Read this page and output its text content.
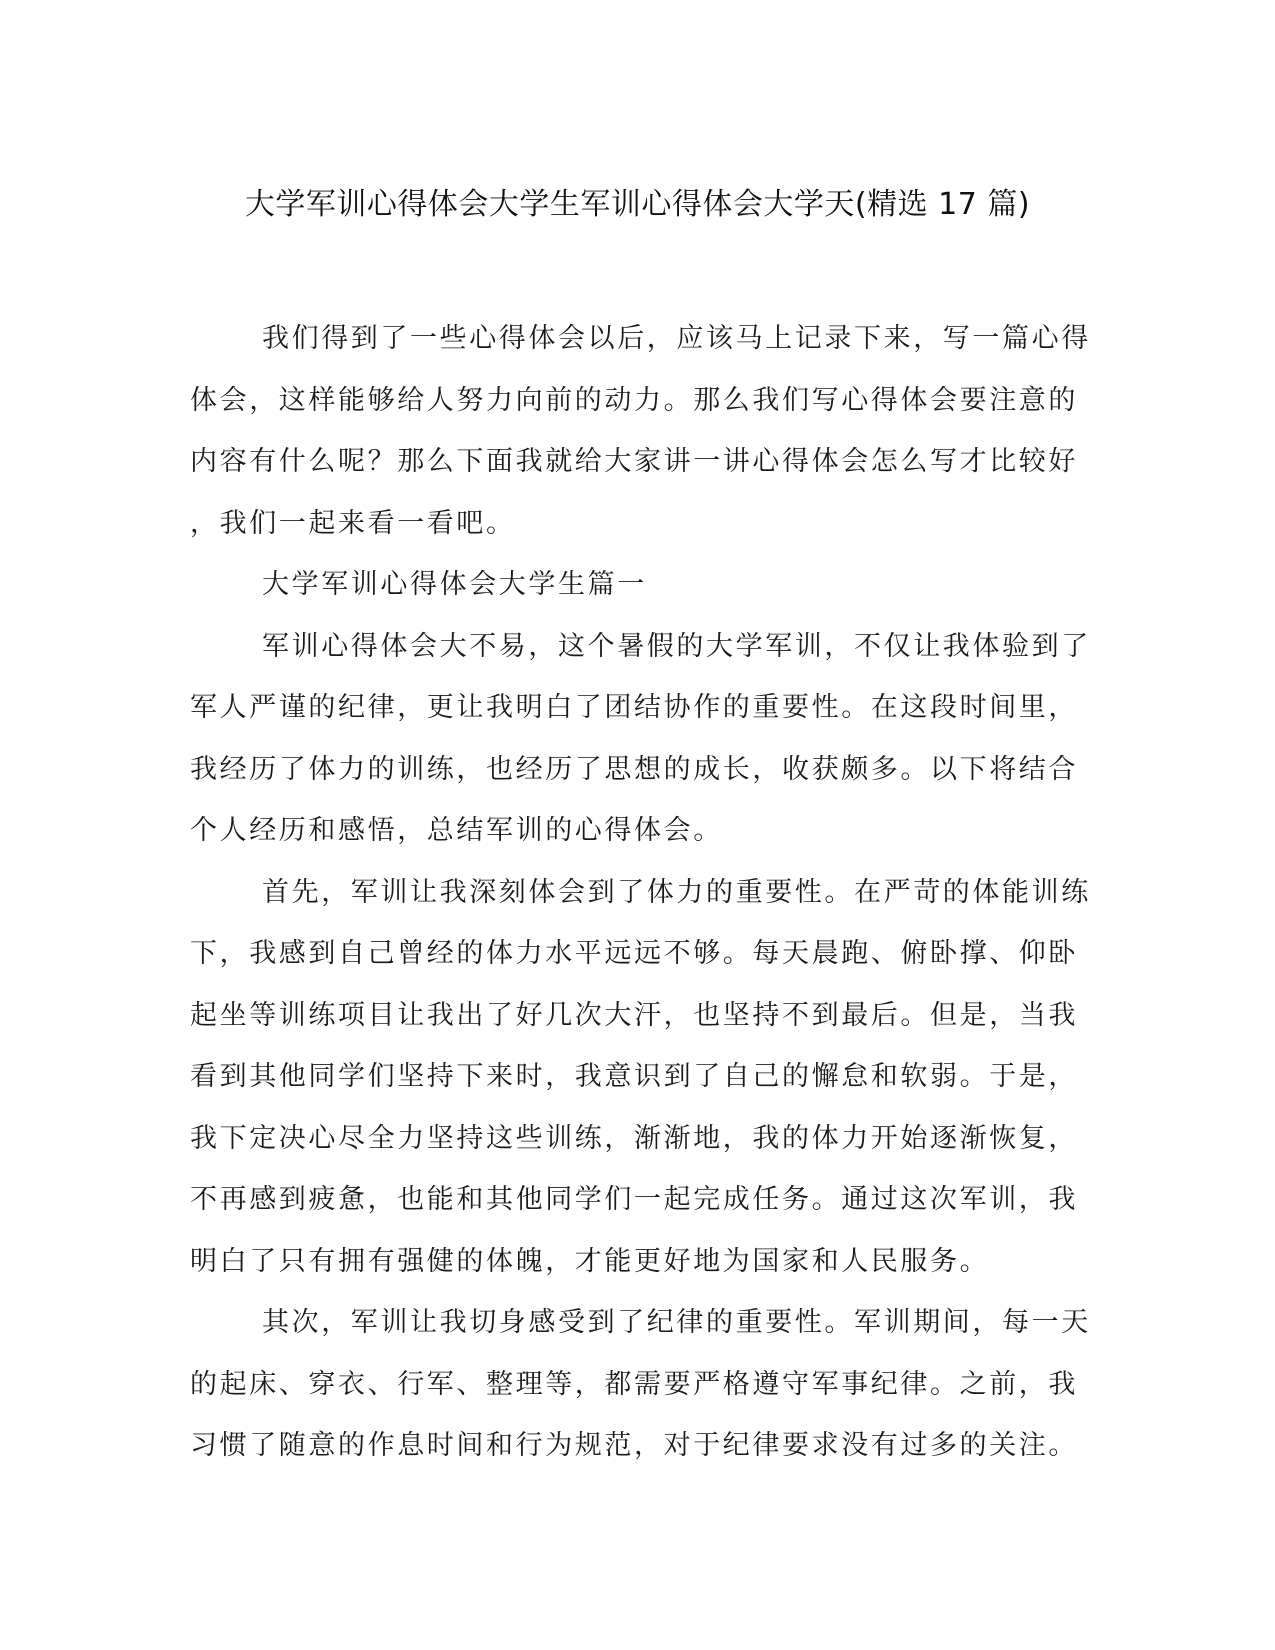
大学军训心得体会大学生军训心得体会大学天(精选 17 篇)
我们得到了一些心得体会以后，应该马上记录下来，写一篇心得
体会，这样能够给人努力向前的动力。那么我们写心得体会要注意的
内容有什么呢？那么下面我就给大家讲一讲心得体会怎么写才比较好
，我们一起来看一看吧。
大学军训心得体会大学生篇一
军训心得体会大不易，这个暑假的大学军训，不仅让我体验到了
军人严谨的纪律，更让我明白了团结协作的重要性。在这段时间里，
我经历了体力的训练，也经历了思想的成长，收获颇多。以下将结合
个人经历和感悟，总结军训的心得体会。
首先，军训让我深刻体会到了体力的重要性。在严苛的体能训练
下，我感到自己曾经的体力水平远远不够。每天晨跑、俯卧撑、仰卧
起坐等训练项目让我出了好几次大汗，也坚持不到最后。但是，当我
看到其他同学们坚持下来时，我意识到了自己的懈怠和软弱。于是，
我下定决心尽全力坚持这些训练，渐渐地，我的体力开始逐渐恢复，
不再感到疲惫，也能和其他同学们一起完成任务。通过这次军训，我
明白了只有拥有强健的体魄，才能更好地为国家和人民服务。
其次，军训让我切身感受到了纪律的重要性。军训期间，每一天
的起床、穿衣、行军、整理等，都需要严格遵守军事纪律。之前，我
习惯了随意的作息时间和行为规范，对于纪律要求没有过多的关注。
